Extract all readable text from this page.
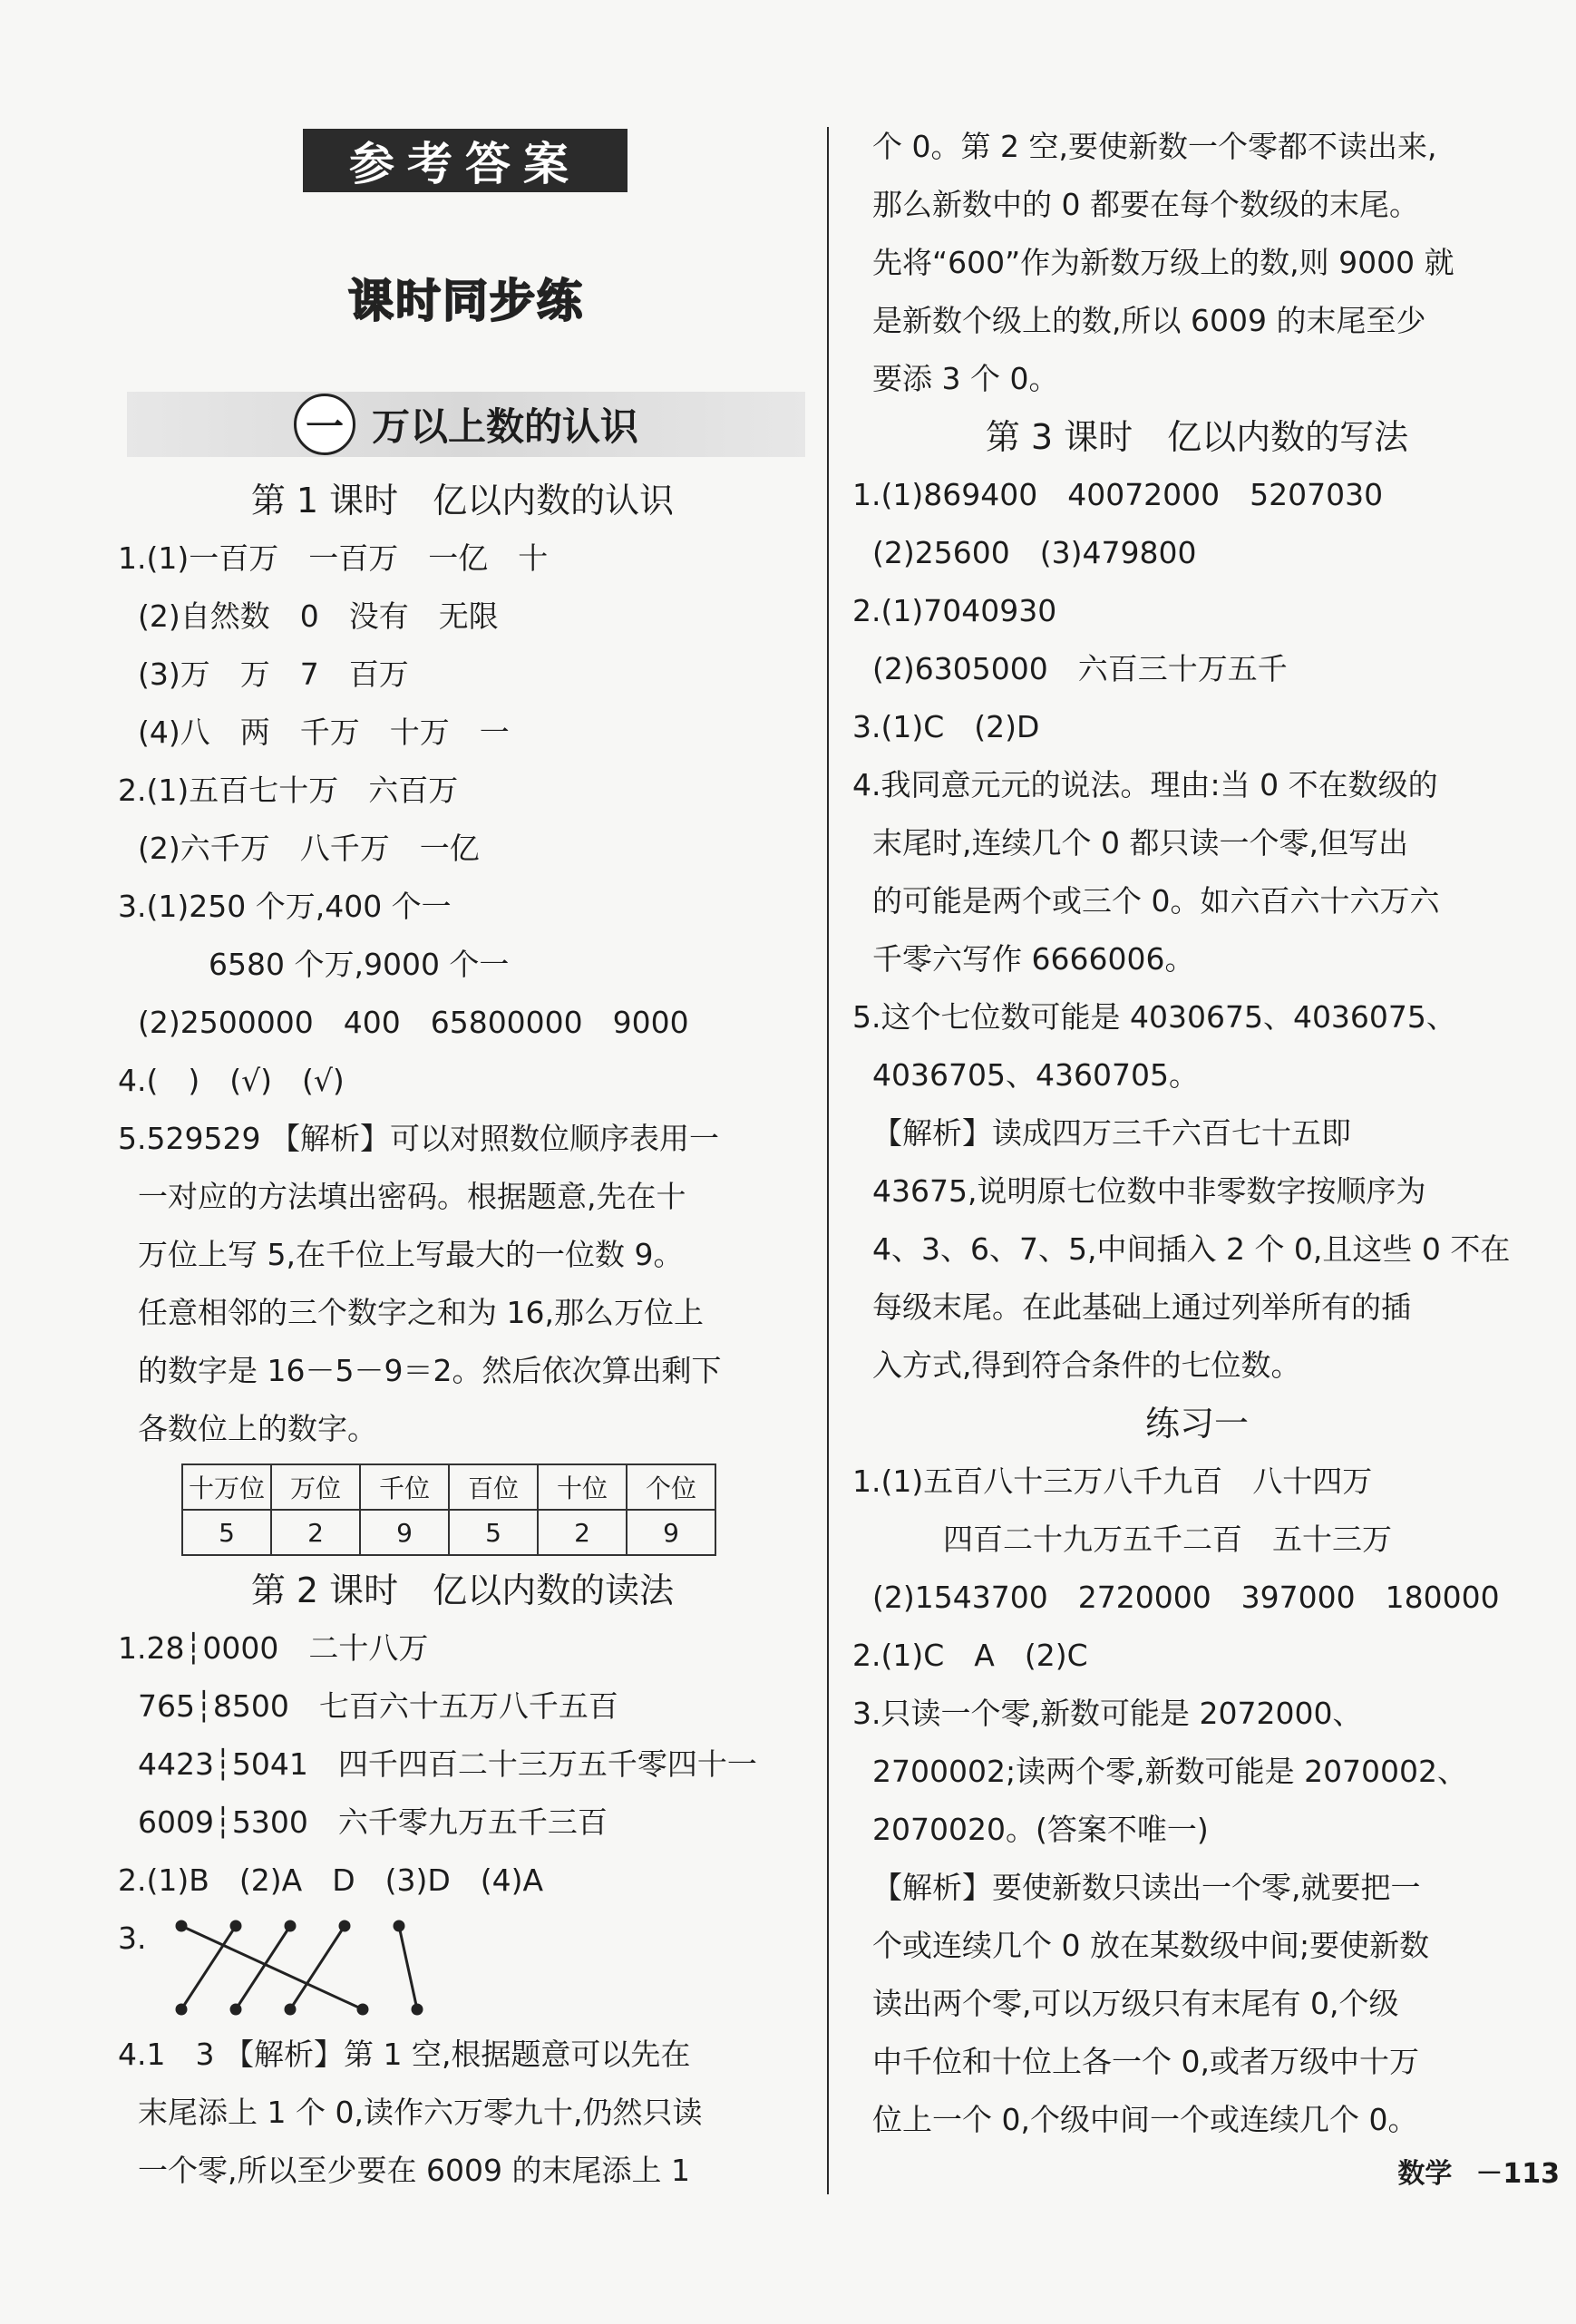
参考答案
课时同步练
一 万以上数的认识
第 1 课时　亿以内数的认识
1.(1)一百万　一百万　一亿　十
(2)自然数　0　没有　无限
(3)万　万　7　百万
(4)八　两　千万　十万　一
2.(1)五百七十万　六百万
(2)六千万　八千万　一亿
3.(1)250 个万,400 个一
6580 个万,9000 个一
(2)2500000　400　65800000　9000
4.(　)　(√)　(√)
5.529529 【解析】可以对照数位顺序表用一
一对应的方法填出密码。根据题意,先在十
万位上写 5,在千位上写最大的一位数 9。
任意相邻的三个数字之和为 16,那么万位上
的数字是 16－5－9＝2。然后依次算出剩下
各数位上的数字。
十万位	万位	千位	百位	十位	个位
5	2	9	5	2	9
第 2 课时　亿以内数的读法
1.28┆0000　二十八万
765┆8500　七百六十五万八千五百
4423┆5041　四千四百二十三万五千零四十一
6009┆5300　六千零九万五千三百
2.(1)B　(2)A　D　(3)D　(4)A
3.
4.1　3 【解析】第 1 空,根据题意可以先在
末尾添上 1 个 0,读作六万零九十,仍然只读
一个零,所以至少要在 6009 的末尾添上 1
个 0。第 2 空,要使新数一个零都不读出来,
那么新数中的 0 都要在每个数级的末尾。
先将“600”作为新数万级上的数,则 9000 就
是新数个级上的数,所以 6009 的末尾至少
要添 3 个 0。
第 3 课时　亿以内数的写法
1.(1)869400　40072000　5207030
(2)25600　(3)479800
2.(1)7040930
(2)6305000　六百三十万五千
3.(1)C　(2)D
4.我同意元元的说法。理由:当 0 不在数级的
末尾时,连续几个 0 都只读一个零,但写出
的可能是两个或三个 0。如六百六十六万六
千零六写作 6666006。
5.这个七位数可能是 4030675、4036075、
4036705、4360705。
【解析】读成四万三千六百七十五即
43675,说明原七位数中非零数字按顺序为
4、3、6、7、5,中间插入 2 个 0,且这些 0 不在
每级末尾。在此基础上通过列举所有的插
入方式,得到符合条件的七位数。
练习一
1.(1)五百八十三万八千九百　八十四万
四百二十九万五千二百　五十三万
(2)1543700　2720000　397000　180000
2.(1)C　A　(2)C
3.只读一个零,新数可能是 2072000、
2700002;读两个零,新数可能是 2070002、
2070020。(答案不唯一)
【解析】要使新数只读出一个零,就要把一
个或连续几个 0 放在某数级中间;要使新数
读出两个零,可以万级只有末尾有 0,个级
中千位和十位上各一个 0,或者万级中十万
位上一个 0,个级中间一个或连续几个 0。
数学 －113
